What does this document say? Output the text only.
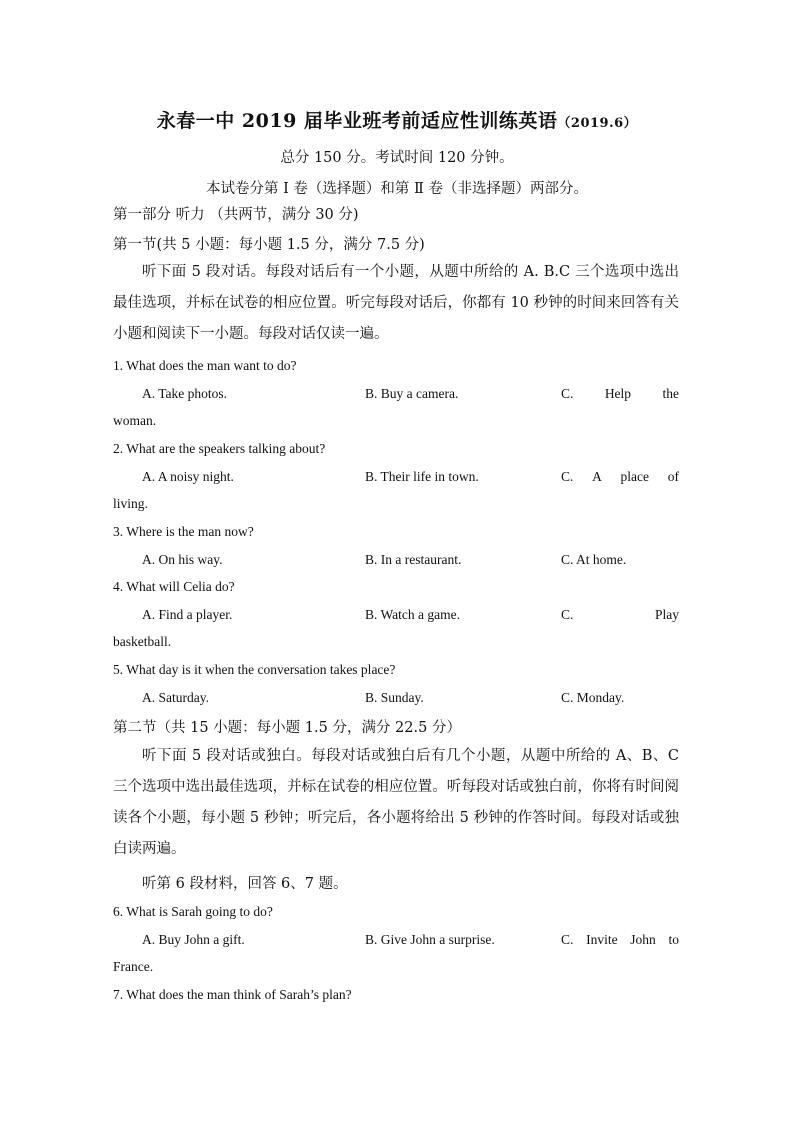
永春一中 2019 届毕业班考前适应性训练英语（2019.6）
总分 150 分。考试时间 120 分钟。
本试卷分第 Ⅰ 卷（选择题）和第 Ⅱ 卷（非选择题）两部分。
第一部分 听力 （共两节，满分 30 分)
第一节(共 5 小题：每小题 1.5 分，满分 7.5 分)
听下面 5 段对话。每段对话后有一个小题，从题中所给的 A. B.C 三个选项中选出最佳选项，并标在试卷的相应位置。听完每段对话后，你都有 10 秒钟的时间来回答有关小题和阅读下一小题。每段对话仅读一遍。
1. What does the man want to do?
A. Take photos.	B. Buy a camera.	C. Help the
woman.
2. What are the speakers talking about?
A. A noisy night.	B. Their life in town.	C. A place of
living.
3. Where is the man now?
A. On his way.	B. In a restaurant.	C. At home.
4. What will Celia do?
A. Find a player.	B. Watch a game.	C.	Play
basketball.
5. What day is it when the conversation takes place?
A. Saturday.	B. Sunday.	C. Monday.
第二节（共 15 小题：每小题 1.5 分，满分 22.5 分）
听下面 5 段对话或独白。每段对话或独白后有几个小题，从题中所给的 A、B、C 三个选项中选出最佳选项，并标在试卷的相应位置。听每段对话或独白前，你将有时间阅读各个小题，每小题 5 秒钟；听完后，各小题将给出 5 秒钟的作答时间。每段对话或独白读两遍。
听第 6 段材料，回答 6、7 题。
6. What is Sarah going to do?
A. Buy John a gift.	B. Give John a surprise.	C. Invite John to
France.
7. What does the man think of Sarah’s plan?
